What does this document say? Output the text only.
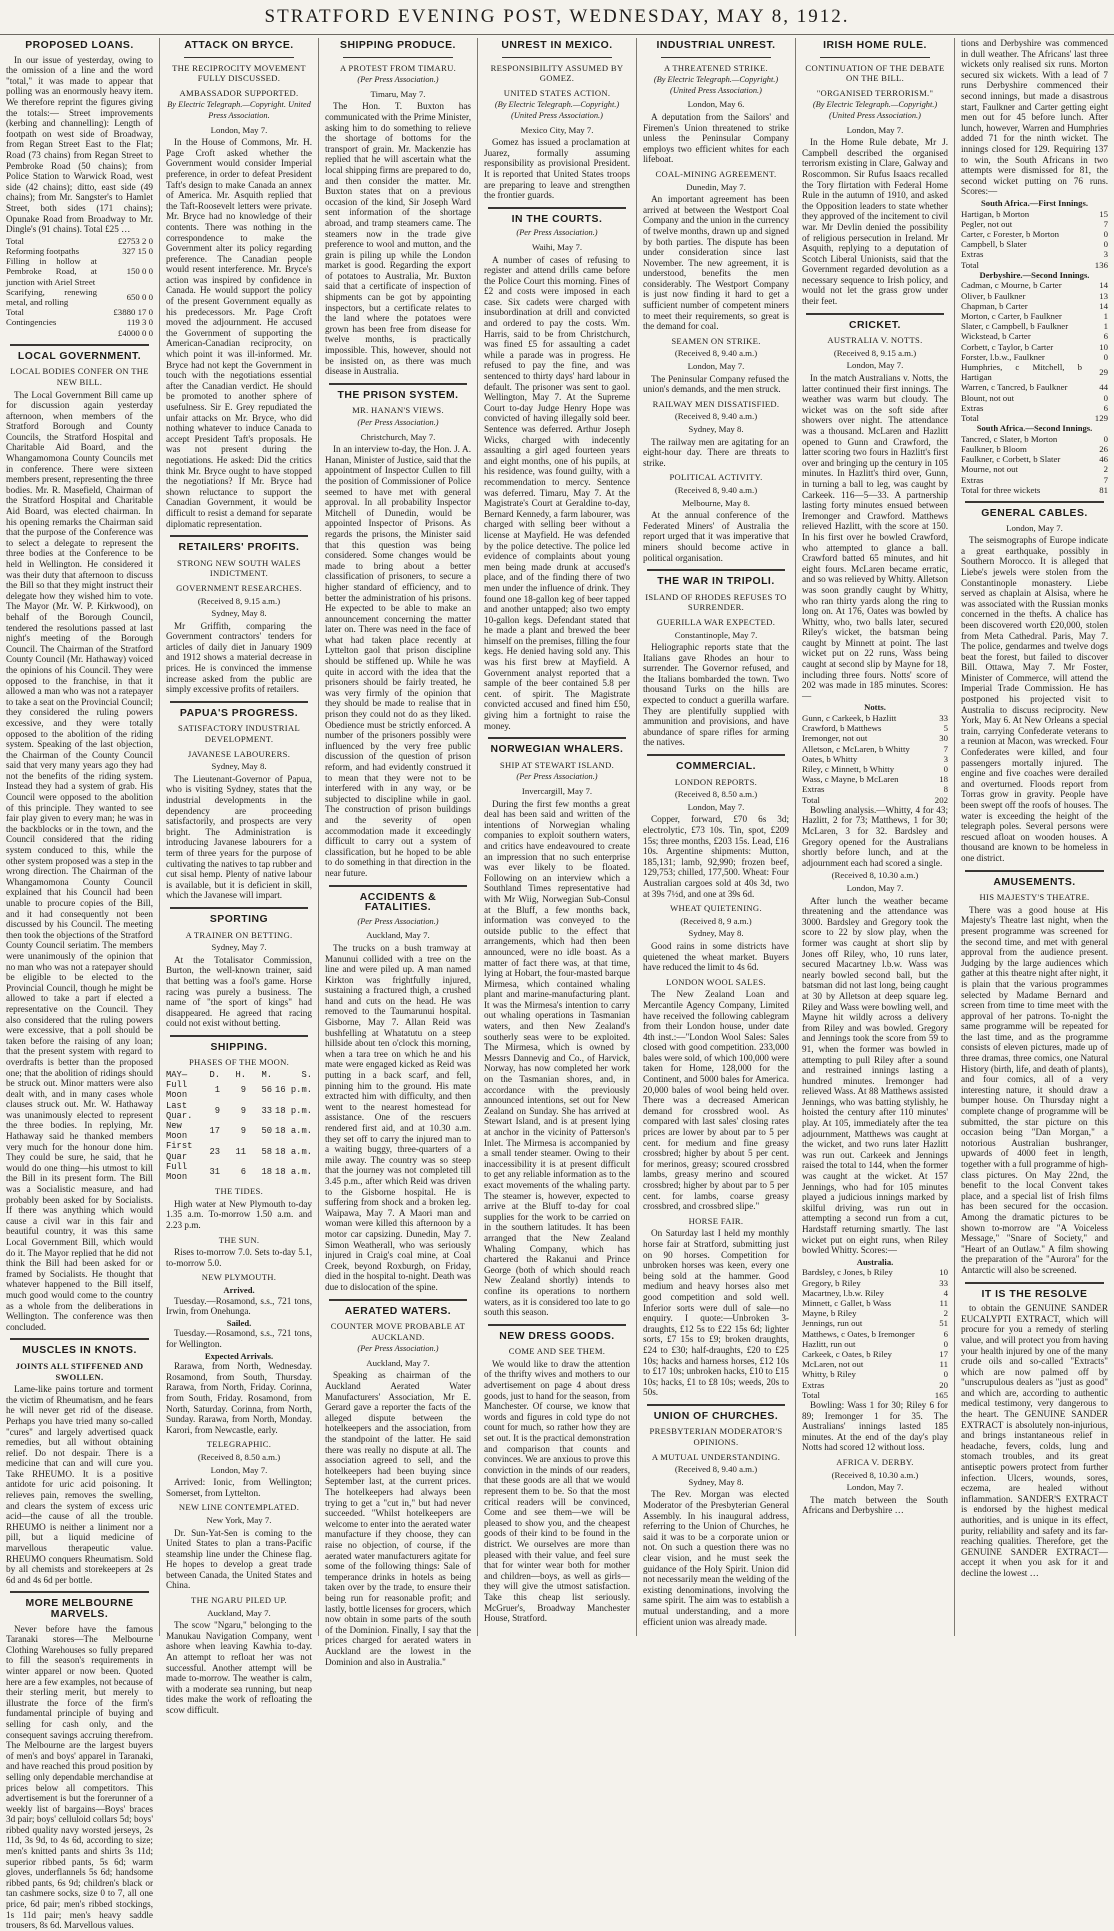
STRATFORD EVENING POST, WEDNESDAY, MAY 8, 1912.
PROPOSED LOANS.

In our issue of yesterday, owing to the omission of a line and the word "total," it was made to appear that polling was an enormously heavy item. We therefore reprint the figures giving the totals:— Street improvements (kerbing and channelling): Length of footpath on west side of Broadway, from Regan Street East to the Flat; Road (73 chains) from Regan Street to Pembroke Road (50 chains); from Police Station to Warwick Road, west side (42 chains); ditto, east side (49 chains); from Mr. Sangster's to Hamlet Street, both sides (171 chains); Opunake Road from Broadway to Mr. Dingle's (91 chains). Total £25 …

Total	£2753 2 0
Reforming footpaths	327 15 0
Filling in hollow at Pembroke Road, at junction with Ariel Street	150 0 0
Scarifying, renewing metal, and rolling	650 0 0
Total	£3880 17 0
Contingencies	119 3 0
	£4000 0 0
LOCAL GOVERNMENT.
LOCAL BODIES CONFER ON THE NEW BILL.

The Local Government Bill came up for discussion again yesterday afternoon, when members of the Stratford Borough and County Councils, the Stratford Hospital and Charitable Aid Board, and the Whangamomona County Councils met in conference. There were sixteen members present, representing the three bodies. Mr. R. Masefield, Chairman of the Stratford Hospital and Charitable Aid Board, was elected chairman. In his opening remarks the Chairman said that the purpose of the Conference was to select a delegate to represent the three bodies at the Conference to be held in Wellington. He considered it was their duty that afternoon to discuss the Bill so that they might instruct their delegate how they wished him to vote. The Mayor (Mr. W. P. Kirkwood), on behalf of the Borough Council, tendered the resolutions passed at last night's meeting of the Borough Council. The Chairman of the Stratford County Council (Mr. Hathaway) voiced the opinions of his Council. They were opposed to the franchise, in that it allowed a man who was not a ratepayer to take a seat on the Provincial Council; they considered the ruling powers excessive, and they were totally opposed to the abolition of the riding system. Speaking of the last objection, the Chairman of the County Council said that very many years ago they had not the benefits of the riding system. Instead they had a system of grab. His Council were opposed to the abolition of this principle. They wanted to see fair play given to every man; he was in the backblocks or in the town, and the Council considered that the riding system conduced to this, while the other system proposed was a step in the wrong direction. The Chairman of the Whangamomona County Council explained that his Council had been unable to procure copies of the Bill, and it had consequently not been discussed by his Council. The meeting then took the objections of the Stratford County Council seriatim. The members were unanimously of the opinion that no man who was not a ratepayer should be eligible to be elected to the Provincial Council, though he might be allowed to take a part if elected a representative on the Council. They also considered that the ruling powers were excessive, that a poll should be taken before the raising of any loan; that the present system with regard to overdrafts is better than the proposed one; that the abolition of ridings should be struck out. Minor matters were also dealt with, and in many cases whole clauses struck out. Mr. W. Hathaway was unanimously elected to represent the three bodies. In replying, Mr. Hathaway said he thanked members very much for the honour done him. They could be sure, he said, that he would do one thing—his utmost to kill the Bill in its present form. The Bill was a Socialistic measure, and had probably been asked for by Socialists. If there was anything which would cause a civil war in this fair and beautiful country, it was this same Local Government Bill, which would do it. The Mayor replied that he did not think the Bill had been asked for or framed by Socialists. He thought that whatever happened to the Bill itself, much good would come to the country as a whole from the deliberations in Wellington. The conference was then concluded.

MUSCLES IN KNOTS.
JOINTS ALL STIFFENED AND SWOLLEN.

Lame-like pains torture and torment the victim of Rheumatism, and he fears he will never get rid of the disease. Perhaps you have tried many so-called "cures" and largely advertised quack remedies, but all without obtaining relief. Do not despair. There is a medicine that can and will cure you. Take RHEUMO. It is a positive antidote for uric acid poisoning. It relieves pain, removes the swelling, and clears the system of excess uric acid—the cause of all the trouble. RHEUMO is neither a liniment nor a pill, but a liquid medicine of marvellous therapeutic value. RHEUMO conquers Rheumatism. Sold by all chemists and storekeepers at 2s 6d and 4s 6d per bottle.

MORE MELBOURNE MARVELS.

Never before have the famous Taranaki stores—The Melbourne Clothing Warehouses so fully prepared to fill the season's requirements in winter apparel or now been. Quoted here are a few examples, not because of their sterling merit, but merely to illustrate the force of the firm's fundamental principle of buying and selling for cash only, and the consequent savings accruing therefrom. The Melbourne are the largest buyers of men's and boys' apparel in Taranaki, and have reached this proud position by selling only dependable merchandise at prices below all competitors. This advertisement is but the forerunner of a weekly list of bargains—Boys' braces 3d pair; boys' celluloid collars 5d; boys' ribbed quality navy worsted jerseys, 2s 11d, 3s 9d, to 4s 6d, according to size; men's knitted pants and shirts 3s 11d; superior ribbed pants, 5s 6d; warm gloves, underflannels 5s 6d; handsome ribbed pants, 6s 9d; children's black or tan cashmere socks, size 0 to 7, all one price, 6d pair; men's ribbed stockings, 1s 11d pair; men's heavy saddle trousers, 8s 6d. Marvellous values.

ATTACK ON BRYCE.
THE RECIPROCITY MOVEMENT FULLY DISCUSSED.
AMBASSADOR SUPPORTED.
By Electric Telegraph.—Copyright. United Press Association.
London, May 7.

In the House of Commons, Mr. H. Page Croft asked whether the Government would consider Imperial preference, in order to defeat President Taft's design to make Canada an annex of America. Mr. Asquith replied that the Taft-Roosevelt letters were private. Mr. Bryce had no knowledge of their contents. There was nothing in the correspondence to make the Government alter its policy regarding preference. The Canadian people would resent interference. Mr. Bryce's action was inspired by confidence in Canada. He would support the policy of the present Government equally as his predecessors. Mr. Page Croft moved the adjournment. He accused the Government of supporting the American-Canadian reciprocity, on which point it was ill-informed. Mr. Bryce had not kept the Government in touch with the negotiations essential after the Canadian verdict. He should be promoted to another sphere of usefulness. Sir E. Grey repudiated the unfair attacks on Mr. Bryce, who did nothing whatever to induce Canada to accept President Taft's proposals. He was not present during the negotiations. He asked: Did the critics think Mr. Bryce ought to have stopped the negotiations? If Mr. Bryce had shown reluctance to support the Canadian Government, it would be difficult to resist a demand for separate diplomatic representation.

RETAILERS' PROFITS.
STRONG NEW SOUTH WALES INDICTMENT.
GOVERNMENT RESEARCHES.
(Received 8, 9.15 a.m.)
Sydney, May 8.

Mr Griffith, comparing the Government contractors' tenders for articles of daily diet in January 1909 and 1912 shows a material decrease in prices. He is convinced the immense increase asked from the public are simply excessive profits of retailers.

PAPUA'S PROGRESS.
SATISFACTORY INDUSTRIAL DEVELOPMENT.
JAVANESE LABOURERS.
Sydney, May 8.

The Lieutenant-Governor of Papua, who is visiting Sydney, states that the industrial developments in the dependency are proceeding satisfactorily, and prospects are very bright. The Administration is introducing Javanese labourers for a term of three years for the purpose of cultivating the natives to tap rubber and cut sisal hemp. Plenty of native labour is available, but it is deficient in skill, which the Javanese will impart.

SPORTING
A TRAINER ON BETTING.
Sydney, May 7.

At the Totalisator Commission, Burton, the well-known trainer, said that betting was a fool's game. Horse racing was purely a business. The name of "the sport of kings" had disappeared. He agreed that racing could not exist without betting.

SHIPPING.
PHASES OF THE MOON.
MAY—	D.	H.	M.	S.
Full Moon	1	9	56	16 p.m.
Last Quar.	9	9	33	18 p.m.
New Moon	17	9	50	18 a.m.
First Quar	23	11	58	18 a.m.
Full Moon	31	6	18	18 a.m.
THE TIDES.

High water at New Plymouth to-day 1.35 a.m. To-morrow 1.50 a.m. and 2.23 p.m.

THE SUN.

Rises to-morrow 7.0. Sets to-day 5.1, to-morrow 5.0.

NEW PLYMOUTH.
Arrived.

Tuesday.—Rosamond, s.s., 721 tons, Irwin, from Onehunga.

Sailed.

Tuesday.—Rosamond, s.s., 721 tons, for Wellington.

Expected Arrivals.

Rarawa, from North, Wednesday. Rosamond, from South, Thursday. Rarawa, from North, Friday. Corinna, from South, Friday. Rosamond, from North, Saturday. Corinna, from North, Sunday. Rarawa, from North, Monday. Karori, from Newcastle, early.

TELEGRAPHIC.
(Received 8, 8.50 a.m.)
London, May 7.

Arrived: Ionic, from Wellington; Somerset, from Lyttelton.

NEW LINE CONTEMPLATED.
New York, May 7.

Dr. Sun-Yat-Sen is coming to the United States to plan a trans-Pacific steamship line under the Chinese flag. He hopes to develop a great trade between Canada, the United States and China.

THE NGARU PILED UP.
Auckland, May 7.

The scow "Ngaru," belonging to the Manukau Navigation Company, went ashore when leaving Kawhia to-day. An attempt to refloat her was not successful. Another attempt will be made to-morrow. The weather is calm, with a moderate sea running, but neap tides make the work of refloating the scow difficult.

SHIPPING PRODUCE.
A PROTEST FROM TIMARU.
(Per Press Association.)
Timaru, May 7.

The Hon. T. Buxton has communicated with the Prime Minister, asking him to do something to relieve the shortage of bottoms for the transport of grain. Mr. Mackenzie has replied that he will ascertain what the local shipping firms are prepared to do, and then consider the matter. Mr. Buxton states that on a previous occasion of the kind, Sir Joseph Ward sent information of the shortage abroad, and tramp steamers came. The steamers now in the trade give preference to wool and mutton, and the grain is piling up while the London market is good. Regarding the export of potatoes to Australia, Mr. Buxton said that a certificate of inspection of shipments can be got by appointing inspectors, but a certificate relates to the land where the potatoes were grown has been free from disease for twelve months, is practically impossible. This, however, should not be insisted on, as there was much disease in Australia.

THE PRISON SYSTEM.
MR. HANAN'S VIEWS.
(Per Press Association.)
Christchurch, May 7.

In an interview to-day, the Hon. J. A. Hanan, Minister of Justice, said that the appointment of Inspector Cullen to fill the position of Commissioner of Police seemed to have met with general approval. In all probability Inspector Mitchell of Dunedin, would be appointed Inspector of Prisons. As regards the prisons, the Minister said that this question was being considered. Some changes would be made to bring about a better classification of prisoners, to secure a higher standard of efficiency, and to better the administration of his prisons. He expected to be able to make an announcement concerning the matter later on. There was need in the face of what had taken place recently at Lyttelton gaol that prison discipline should be stiffened up. While he was quite in accord with the idea that the prisoners should be fairly treated, he was very firmly of the opinion that they should be made to realise that in prison they could not do as they liked. Obedience must be strictly enforced. A number of the prisoners possibly were influenced by the very free public discussion of the question of prison reform, and had evidently construed it to mean that they were not to be interfered with in any way, or be subjected to discipline while in gaol. The construction of prison buildings and the severity of open accommodation made it exceedingly difficult to carry out a system of classification, but he hoped to be able to do something in that direction in the near future.

ACCIDENTS & FATALITIES.
(Per Press Association.)
Auckland, May 7.

The trucks on a bush tramway at Manunui collided with a tree on the line and were piled up. A man named Kirkton was frightfully injured, sustaining a fractured thigh, a crushed hand and cuts on the head. He was removed to the Taumarunui hospital. Gisborne, May 7. Allan Reid was bushfelling at Whatatutu on a steep hillside about ten o'clock this morning, when a tara tree on which he and his mate were engaged kicked as Reid was putting in a back scarf, and fell, pinning him to the ground. His mate extracted him with difficulty, and then went to the nearest homestead for assistance. One of the rescuers rendered first aid, and at 10.30 a.m. they set off to carry the injured man to a waiting buggy, three-quarters of a mile away. The country was so steep that the journey was not completed till 3.45 p.m., after which Reid was driven to the Gisborne hospital. He is suffering from shock and a broken leg. Waipawa, May 7. A Maori man and woman were killed this afternoon by a motor car capsizing. Dunedin, May 7. Simon Weatherall, who was seriously injured in Craig's coal mine, at Coal Creek, beyond Roxburgh, on Friday, died in the hospital to-night. Death was due to dislocation of the spine.

AERATED WATERS.
COUNTER MOVE PROBABLE AT AUCKLAND.
(Per Press Association.)
Auckland, May 7.

Speaking as chairman of the Auckland Aerated Water Manufacturers' Association, Mr E. Gerard gave a reporter the facts of the alleged dispute between the hotelkeepers and the association, from the standpoint of the latter. He said there was really no dispute at all. The association agreed to sell, and the hotelkeepers had been buying since September last, at the current prices. The hotelkeepers had always been trying to get a "cut in," but had never succeeded. "Whilst hotelkeepers are welcome to enter into the aerated water manufacture if they choose, they can raise no objection, of course, if the aerated water manufacturers agitate for some of the following things: Sale of temperance drinks in hotels as being taken over by the trade, to ensure their being run for reasonable profit; and lastly, bottle licenses for grocers, which now obtain in some parts of the south of the Dominion. Finally, I say that the prices charged for aerated waters in Auckland are the lowest in the Dominion and also in Australia."

UNREST IN MEXICO.
RESPONSIBILITY ASSUMED BY GOMEZ.
UNITED STATES ACTION.
(By Electric Telegraph.—Copyright.) (United Press Association.)
Mexico City, May 7.

Gomez has issued a proclamation at Juarez, formally assuming responsibility as provisional President. It is reported that United States troops are preparing to leave and strengthen the frontier guards.

IN THE COURTS.
(Per Press Association.)
Waihi, May 7.

A number of cases of refusing to register and attend drills came before the Police Court this morning. Fines of £2 and costs were imposed in each case. Six cadets were charged with insubordination at drill and convicted and ordered to pay the costs. Wm. Harris, said to be from Christchurch, was fined £5 for assaulting a cadet while a parade was in progress. He refused to pay the fine, and was sentenced to thirty days' hard labour in default. The prisoner was sent to gaol. Wellington, May 7. At the Supreme Court to-day Judge Henry Hope was convicted of having illegally sold beer. Sentence was deferred. Arthur Joseph Wicks, charged with indecently assaulting a girl aged fourteen years and eight months, one of his pupils, at his residence, was found guilty, with a recommendation to mercy. Sentence was deferred. Timaru, May 7. At the Magistrate's Court at Geraldine to-day, Bernard Kennedy, a farm labourer, was charged with selling beer without a license at Mayfield. He was defended by the police detective. The police led evidence of complaints about young men being made drunk at accused's place, and of the finding there of two men under the influence of drink. They found one 18-gallon keg of beer tapped and another untapped; also two empty 10-gallon kegs. Defendant stated that he made a plant and brewed the beer himself on the premises, filling the four kegs. He denied having sold any. This was his first brew at Mayfield. A Government analyst reported that a sample of the beer contained 5.8 per cent. of spirit. The Magistrate convicted accused and fined him £50, giving him a fortnight to raise the money.

NORWEGIAN WHALERS.
SHIP AT STEWART ISLAND.
(Per Press Association.)
Invercargill, May 7.

During the first few months a great deal has been said and written of the intentions of Norwegian whaling companies to exploit southern waters, and critics have endeavoured to create an impression that no such enterprise was ever likely to be floated. Following on an interview which a Southland Times representative had with Mr Wiig, Norwegian Sub-Consul at the Bluff, a few months back, information was conveyed to the outside public to the effect that arrangements, which had then been announced, were no idle boast. As a matter of fact there was, at that time, lying at Hobart, the four-masted barque Mirmesa, which contained whaling plant and marine-manufacturing plant. It was the Mirmesa's intention to carry out whaling operations in Tasmanian waters, and then New Zealand's southerly seas were to be exploited. The Mirmesa, which is owned by Messrs Dannevig and Co., of Harvick, Norway, has now completed her work on the Tasmanian shores, and, in accordance with the previously announced intentions, set out for New Zealand on Sunday. She has arrived at Stewart Island, and is at present lying at anchor in the vicinity of Patterson's Inlet. The Mirmesa is accompanied by a small tender steamer. Owing to their inaccessibility it is at present difficult to get any reliable information as to the exact movements of the whaling party. The steamer is, however, expected to arrive at the Bluff to-day for coal supplies for the work to be carried on in the southern latitudes. It has been arranged that the New Zealand Whaling Company, which has chartered the Rakanui and Prince George (both of which should reach New Zealand shortly) intends to confine its operations to northern waters, as it is considered too late to go south this season.

NEW DRESS GOODS.
COME AND SEE THEM.

We would like to draw the attention of the thrifty wives and mothers to our advertisement on page 4 about dress goods, just to hand for the season, from Manchester. Of course, we know that words and figures in cold type do not count for much, so rather how they are set out. It is the practical demonstration and comparison that counts and convinces. We are anxious to prove this conviction in the minds of our readers, that these goods are all that we would represent them to be. So that the most critical readers will be convinced, Come and see them—we will be pleased to show you, and the cheapest goods of their kind to be found in the district. We ourselves are more than pleased with their value, and feel sure that for winter wear both for mother and children—boys, as well as girls—they will give the utmost satisfaction. Take this cheap list seriously. McGruer's, Broadway Manchester House, Stratford.

INDUSTRIAL UNREST.
A THREATENED STRIKE.
(By Electric Telegraph.—Copyright.) (United Press Association.)
London, May 6.

A deputation from the Sailors' and Firemen's Union threatened to strike unless the Peninsular Company employs two efficient whites for each lifeboat.

COAL-MINING AGREEMENT.
Dunedin, May 7.

An important agreement has been arrived at between the Westport Coal Company and the union in the currency of twelve months, drawn up and signed by both parties. The dispute has been under consideration since last November. The new agreement, it is understood, benefits the men considerably. The Westport Company is just now finding it hard to get a sufficient number of competent miners to meet their requirements, so great is the demand for coal.

SEAMEN ON STRIKE.
(Received 8, 9.40 a.m.)
London, May 7.

The Peninsular Company refused the union's demands, and the men struck.

RAILWAY MEN DISSATISFIED.
(Received 8, 9.40 a.m.)
Sydney, May 8.

The railway men are agitating for an eight-hour day. There are threats to strike.

POLITICAL ACTIVITY.
(Received 8, 9.40 a.m.)
Melbourne, May 8.

At the annual conference of the Federated Miners' of Australia the report urged that it was imperative that miners should become active in political organisation.

THE WAR IN TRIPOLI.
ISLAND OF RHODES REFUSES TO SURRENDER.
GUERILLA WAR EXPECTED.
Constantinople, May 7.

Heliographic reports state that the Italians gave Rhodes an hour to surrender. The Governor refused, and the Italians bombarded the town. Two thousand Turks on the hills are expected to conduct a guerilla warfare. They are plentifully supplied with ammunition and provisions, and have abundance of spare rifles for arming the natives.

COMMERCIAL.
LONDON REPORTS.
(Received 8, 8.50 a.m.)
London, May 7.

Copper, forward, £70 6s 3d; electrolytic, £73 10s. Tin, spot, £209 15s; three months, £203 15s. Lead, £16 10s. Argentine shipments: Mutton, 185,131; lamb, 92,990; frozen beef, 129,753; chilled, 177,500. Wheat: Four Australian cargoes sold at 40s 3d, two at 39s 7½d, and one at 39s 6d.

WHEAT QUIETENING.
(Received 8, 9 a.m.)
Sydney, May 8.

Good rains in some districts have quietened the wheat market. Buyers have reduced the limit to 4s 6d.

LONDON WOOL SALES.

The New Zealand Loan and Mercantile Agency Company, Limited have received the following cablegram from their London house, under date 4th inst.:—"London Wool Sales: Sales closed with good competition. 233,000 bales were sold, of which 100,000 were taken for Home, 128,000 for the Continent, and 5000 bales for America. 20,000 bales of wool being held over. There was a decreased American demand for crossbred wool. As compared with last sales' closing rates prices are lower by about par to 5 per cent. for medium and fine greasy crossbred; higher by about 5 per cent. for merinos, greasy; scoured crossbred lambs, greasy merino and scoured crossbred; higher by about par to 5 per cent. for lambs, coarse greasy crossbred, and crossbred slipe."

HORSE FAIR.

On Saturday last I held my monthly horse fair at Stratford, submitting just on 90 horses. Competition for unbroken horses was keen, every one being sold at the hammer. Good medium and heavy horses also met good competition and sold well. Inferior sorts were dull of sale—no enquiry. I quote:—Unbroken 3-draughts, £12 5s to £22 15s 6d; lighter sorts, £7 15s to £9; broken draughts, £24 to £30; half-draughts, £20 to £25 10s; hacks and harness horses, £12 10s to £17 10s; unbroken hacks, £10 to £15 10s; hacks, £1 to £8 10s; weeds, 20s to 50s.

UNION OF CHURCHES.
PRESBYTERIAN MODERATOR'S OPINIONS.
A MUTUAL UNDERSTANDING.
(Received 8, 9.40 a.m.)
Sydney, May 8.

The Rev. Morgan was elected Moderator of the Presbyterian General Assembly. In his inaugural address, referring to the Union of Churches, he said it was to be a corporate union or not. On such a question there was no clear vision, and he must seek the guidance of the Holy Spirit. Union did not necessarily mean the welding of the existing denominations, involving the same spirit. The aim was to establish a mutual understanding, and a more efficient union was already made.

IRISH HOME RULE.
CONTINUATION OF THE DEBATE ON THE BILL.
"ORGANISED TERRORISM."
(By Electric Telegraph.—Copyright.) (United Press Association.)
London, May 7.

In the Home Rule debate, Mr J. Campbell described the organised terrorism existing in Clare, Galway and Roscommon. Sir Rufus Isaacs recalled the Tory flirtation with Federal Home Rule in the autumn of 1910, and asked the Opposition leaders to state whether they approved of the incitement to civil war. Mr Devlin denied the possibility of religious persecution in Ireland. Mr Asquith, replying to a deputation of Scotch Liberal Unionists, said that the Government regarded devolution as a necessary sequence to Irish policy, and would not let the grass grow under their feet.

CRICKET.
AUSTRALIA V. NOTTS.
(Received 8, 9.15 a.m.)
London, May 7.

In the match Australians v. Notts, the latter continued their first innings. The weather was warm but cloudy. The wicket was on the soft side after showers over night. The attendance was a thousand. McLaren and Hazlitt opened to Gunn and Crawford, the latter scoring two fours in Hazlitt's first over and bringing up the century in 105 minutes. In Hazlitt's third over, Gunn, in turning a ball to leg, was caught by Carkeek. 116—5—33. A partnership lasting forty minutes ensued between Iremonger and Crawford. Matthews relieved Hazlitt, with the score at 150. In his first over he bowled Crawford, who attempted to glance a ball. Crawford batted 65 minutes, and hit eight fours. McLaren became erratic, and so was relieved by Whitty. Alletson was soon grandly caught by Whitty, who ran thirty yards along the ring to long on. At 176, Oates was bowled by Whitty, who, two balls later, secured Riley's wicket, the batsman being caught by Minnett at point. The last wicket put on 22 runs, Wass being caught at second slip by Mayne for 18, including three fours. Notts' score of 202 was made in 185 minutes. Scores:—

Notts.
Gunn, c Carkeek, b Hazlitt	33
Crawford, b Matthews	5
Iremonger, not out	30
Alletson, c McLaren, b Whitty	7
Oates, b Whitty	3
Riley, c Minnett, b Whitty	0
Wass, c Mayne, b McLaren	18
Extras	8
Total	202

Bowling analysis.—Whitty, 4 for 43; Hazlitt, 2 for 73; Matthews, 1 for 30; McLaren, 3 for 32. Bardsley and Gregory opened for the Australians shortly before lunch, and at the adjournment each had scored a single.

(Received 8, 10.30 a.m.)
London, May 7.

After lunch the weather became threatening and the attendance was 3000. Bardsley and Gregory took the score to 22 by slow play, when the former was caught at short slip by Jones off Riley, who, 10 runs later, secured Macartney l.b.w. Wass was nearly bowled second ball, but the batsman did not last long, being caught at 30 by Alletson at deep square leg. Riley and Wass were bowling well, and Mayne hit wildly across a delivery from Riley and was bowled. Gregory and Jennings took the score from 59 to 91, when the former was bowled in attempting to pull Riley after a sound and restrained innings lasting a hundred minutes. Iremonger had relieved Wass. At 88 Matthews assisted Jennings, who was batting stylishly, he hoisted the century after 110 minutes' play. At 105, immediately after the tea adjournment, Matthews was caught at the wicket, and two runs later Hazlitt was run out. Carkeek and Jennings raised the total to 144, when the former was caught at the wicket. At 157 Jennings, who had for 105 minutes played a judicious innings marked by skilful driving, was run out in attempting a second run from a cut, Hardstaff returning smartly. The last wicket put on eight runs, when Riley bowled Whitty. Scores:—

Australia.
Bardsley, c Jones, b Riley	10
Gregory, b Riley	33
Macartney, l.b.w. Riley	4
Minnett, c Gallet, b Wass	11
Mayne, b Riley	2
Jennings, run out	51
Matthews, c Oates, b Iremonger	6
Hazlitt, run out	0
Carkeek, c Oates, b Riley	17
McLaren, not out	11
Whitty, b Riley	0
Extras	20
Total	165

Bowling: Wass 1 for 30; Riley 6 for 89; Iremonger 1 for 35. The Australians' innings lasted 185 minutes. At the end of the day's play Notts had scored 12 without loss.

AFRICA V. DERBY.
(Received 8, 10.30 a.m.)
London, May 7.

The match between the South Africans and Derbyshire …

tions and Derbyshire was commenced in dull weather. The Africans' last three wickets only realised six runs. Morton secured six wickets. With a lead of 7 runs Derbyshire commenced their second innings, but made a disastrous start, Faulkner and Carter getting eight men out for 45 before lunch. After lunch, however, Warren and Humphries added 71 for the ninth wicket. The innings closed for 129. Requiring 137 to win, the South Africans in two attempts were dismissed for 81, the second wicket putting on 76 runs. Scores:—

South Africa.—First Innings.
Hartigan, b Morton	15
Pegler, not out	7
Carter, c Forester, b Morton	0
Campbell, b Slater	0
Extras	3
Total	136
Derbyshire.—Second Innings.
Cadman, c Mourne, b Carter	14
Oliver, b Faulkner	13
Chapman, b Carter	14
Morton, c Carter, b Faulkner	1
Slater, c Campbell, b Faulkner	1
Wickstead, b Carter	6
Corbett, c Taylor, b Carter	10
Forster, l.b.w., Faulkner	0
Humphries, c Mitchell, b Hartigan	29
Warren, c Tancred, b Faulkner	44
Blount, not out	0
Extras	6
Total	129
South Africa.—Second Innings.
Tancred, c Slater, b Morton	0
Faulkner, b Bloom	26
Faulkner, c Corbett, b Slater	46
Mourne, not out	2
Extras	7
Total for three wickets	81
GENERAL CABLES.
London, May 7.

The seismographs of Europe indicate a great earthquake, possibly in Southern Morocco. It is alleged that Liebe's jewels were stolen from the Constantinople monastery. Liebe served as chaplain at Alsisa, where he was associated with the Russian monks concerned in the thefts. A chalice has been discovered worth £20,000, stolen from Meta Cathedral. Paris, May 7. The police, gendarmes and twelve dogs beat the forest, but failed to discover Bill. Ottawa, May 7. Mr Foster, Minister of Commerce, will attend the Imperial Trade Commission. He has postponed his projected visit to Australia to discuss reciprocity. New York, May 6. At New Orleans a special train, carrying Confederate veterans to a reunion at Macon, was wrecked. Four Confederates were killed, and four passengers mortally injured. The engine and five coaches were derailed and overturned. Floods report from Torras grow in gravity. People have been swept off the roofs of houses. The water is exceeding the height of the telegraph poles. Several persons were rescued afloat on wooden houses. A thousand are known to be homeless in one district.

AMUSEMENTS.
HIS MAJESTY'S THEATRE.

There was a good house at His Majesty's Theatre last night, when the present programme was screened for the second time, and met with general approval from the audience present. Judging by the large audiences which gather at this theatre night after night, it is plain that the various programmes selected by Madame Bernard and screen from time to time meet with the approval of her patrons. To-night the same programme will be repeated for the last time, and as the programme consists of eleven pictures, made up of three dramas, three comics, one Natural History (birth, life, and death of plants), and four comics, all of a very interesting nature, it should draw a bumper house. On Thursday night a complete change of programme will be submitted, the star picture on this occasion being "Dan Morgan," a notorious Australian bushranger, upwards of 4000 feet in length, together with a full programme of high-class pictures. On May 22nd, the benefit to the local Convent takes place, and a special list of Irish films has been secured for the occasion. Among the dramatic pictures to be shown to-morrow are "A Voiceless Message," "Snare of Society," and "Heart of an Outlaw." A film showing the preparation of the "Aurora" for the Antarctic will also be screened.

IT IS THE RESOLVE

to obtain the GENUINE SANDER EUCALYPTI EXTRACT, which will procure for you a remedy of sterling value, and will protect you from having your health injured by one of the many crude oils and so-called "Extracts" which are now palmed off by "unscrupulous dealers as "just as good" and which are, according to authentic medical testimony, very dangerous to the heart. The GENUINE SANDER EXTRACT is absolutely non-injurious, and brings instantaneous relief in headache, fevers, colds, lung and stomach troubles, and its great antiseptic powers protect from further infection. Ulcers, wounds, sores, eczema, are healed without inflammation. SANDER'S EXTRACT is endorsed by the highest medical authorities, and is unique in its effect, purity, reliability and safety and its far-reaching qualities. Therefore, get the GENUINE SANDER EXTRACT—accept it when you ask for it and decline the lowest …
